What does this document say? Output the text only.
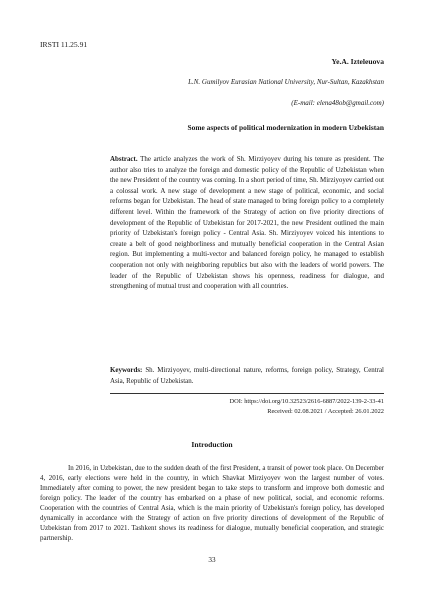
IRSTI 11.25.91
Ye.A. Izteleuova
L.N. Gumilyov Eurasian National University, Nur-Sultan, Kazakhstan
(E-mail: elena48ob@gmail.com)
Some aspects of political modernization in modern Uzbekistan
Abstract. The article analyzes the work of Sh. Mirziyoyev during his tenure as president. The author also tries to analyze the foreign and domestic policy of the Republic of Uzbekistan when the new President of the country was coming. In a short period of time, Sh. Mirziyoyev carried out a colossal work. A new stage of development a new stage of political, economic, and social reforms began for Uzbekistan. The head of state managed to bring foreign policy to a completely different level. Within the framework of the Strategy of action on five priority directions of development of the Republic of Uzbekistan for 2017-2021, the new President outlined the main priority of Uzbekistan's foreign policy - Central Asia. Sh. Mirziyoyev voiced his intentions to create a belt of good neighborliness and mutually beneficial cooperation in the Central Asian region. But implementing a multi-vector and balanced foreign policy, he managed to establish cooperation not only with neighboring republics but also with the leaders of world powers. The leader of the Republic of Uzbekistan shows his openness, readiness for dialogue, and strengthening of mutual trust and cooperation with all countries.
Keywords: Sh. Mirziyoyev, multi-directional nature, reforms, foreign policy, Strategy, Central Asia, Republic of Uzbekistan.
DOI: https://doi.org/10.32523/2616-6887/2022-139-2-33-41
Received: 02.08.2021 / Accepted: 26.01.2022
Introduction
In 2016, in Uzbekistan, due to the sudden death of the first President, a transit of power took place. On December 4, 2016, early elections were held in the country, in which Shavkat Mirziyoyev won the largest number of votes. Immediately after coming to power, the new president began to take steps to transform and improve both domestic and foreign policy. The leader of the country has embarked on a phase of new political, social, and economic reforms. Cooperation with the countries of Central Asia, which is the main priority of Uzbekistan's foreign policy, has developed dynamically in accordance with the Strategy of action on five priority directions of development of the Republic of Uzbekistan from 2017 to 2021. Tashkent shows its readiness for dialogue, mutually beneficial cooperation, and strategic partnership.
33
